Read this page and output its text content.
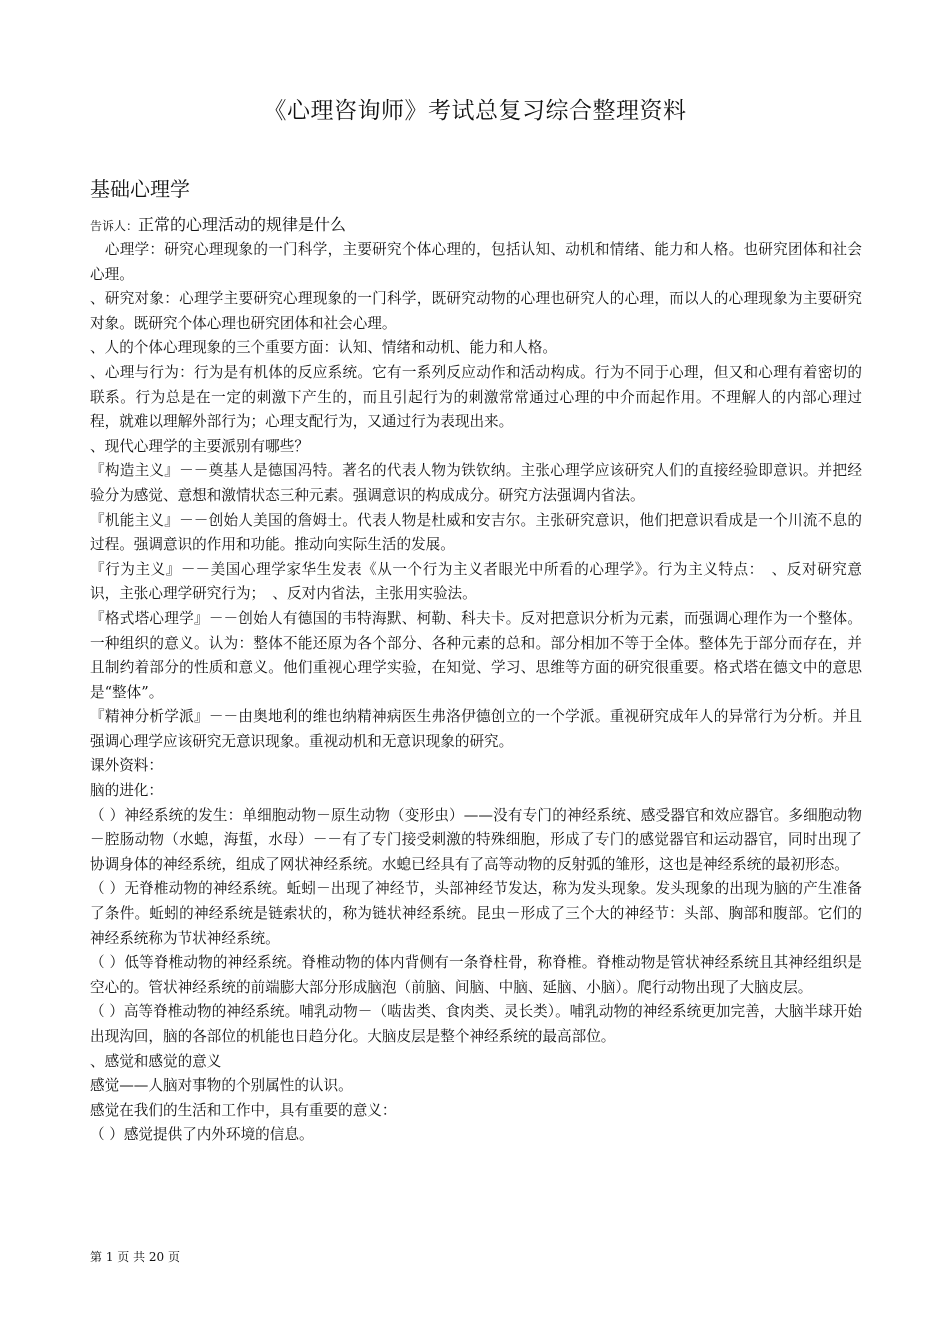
《心理咨询师》考试总复习综合整理资料
基础心理学
告诉人：正常的心理活动的规律是什么

　心理学：研究心理现象的一门科学，主要研究个体心理的，包括认知、动机和情绪、能力和人格。也研究团体和社会心理。

、研究对象：心理学主要研究心理现象的一门科学，既研究动物的心理也研究人的心理，而以人的心理现象为主要研究对象。既研究个体心理也研究团体和社会心理。

、人的个体心理现象的三个重要方面：认知、情绪和动机、能力和人格。

、心理与行为：行为是有机体的反应系统。它有一系列反应动作和活动构成。行为不同于心理，但又和心理有着密切的联系。行为总是在一定的刺激下产生的，而且引起行为的刺激常常通过心理的中介而起作用。不理解人的内部心理过程，就难以理解外部行为；心理支配行为，又通过行为表现出来。

、现代心理学的主要派别有哪些？

『构造主义』－－奠基人是德国冯特。著名的代表人物为铁钦纳。主张心理学应该研究人们的直接经验即意识。并把经验分为感觉、意想和激情状态三种元素。强调意识的构成成分。研究方法强调内省法。

『机能主义』－－创始人美国的詹姆士。代表人物是杜威和安吉尔。主张研究意识，他们把意识看成是一个川流不息的过程。强调意识的作用和功能。推动向实际生活的发展。

『行为主义』－－美国心理学家华生发表《从一个行为主义者眼光中所看的心理学》。行为主义特点：　、反对研究意识，主张心理学研究行为；　、反对内省法，主张用实验法。

『格式塔心理学』－－创始人有德国的韦特海默、柯勒、科夫卡。反对把意识分析为元素，而强调心理作为一个整体。一种组织的意义。认为：整体不能还原为各个部分、各种元素的总和。部分相加不等于全体。整体先于部分而存在，并且制约着部分的性质和意义。他们重视心理学实验，在知觉、学习、思维等方面的研究很重要。格式塔在德文中的意思是“整体”。

『精神分析学派』－－由奥地利的维也纳精神病医生弗洛伊德创立的一个学派。重视研究成年人的异常行为分析。并且强调心理学应该研究无意识现象。重视动机和无意识现象的研究。

课外资料：

脑的进化：

（ ）神经系统的发生：单细胞动物－原生动物（变形虫）——没有专门的神经系统、感受器官和效应器官。多细胞动物－腔肠动物（水螅，海蜇，水母）－－有了专门接受刺激的特殊细胞，形成了专门的感觉器官和运动器官，同时出现了协调身体的神经系统，组成了网状神经系统。水螅已经具有了高等动物的反射弧的雏形，这也是神经系统的最初形态。

（ ）无脊椎动物的神经系统。蚯蚓－出现了神经节，头部神经节发达，称为发头现象。发头现象的出现为脑的产生准备了条件。蚯蚓的神经系统是链索状的，称为链状神经系统。昆虫－形成了三个大的神经节：头部、胸部和腹部。它们的神经系统称为节状神经系统。

（ ）低等脊椎动物的神经系统。脊椎动物的体内背侧有一条脊柱骨，称脊椎。脊椎动物是管状神经系统且其神经组织是空心的。管状神经系统的前端膨大部分形成脑泡（前脑、间脑、中脑、延脑、小脑）。爬行动物出现了大脑皮层。

（ ）高等脊椎动物的神经系统。哺乳动物－（啮齿类、食肉类、灵长类）。哺乳动物的神经系统更加完善，大脑半球开始出现沟回，脑的各部位的机能也日趋分化。大脑皮层是整个神经系统的最高部位。

、感觉和感觉的意义

感觉——人脑对事物的个别属性的认识。

感觉在我们的生活和工作中，具有重要的意义：

（ ）感觉提供了内外环境的信息。

第 1 页 共 20 页
